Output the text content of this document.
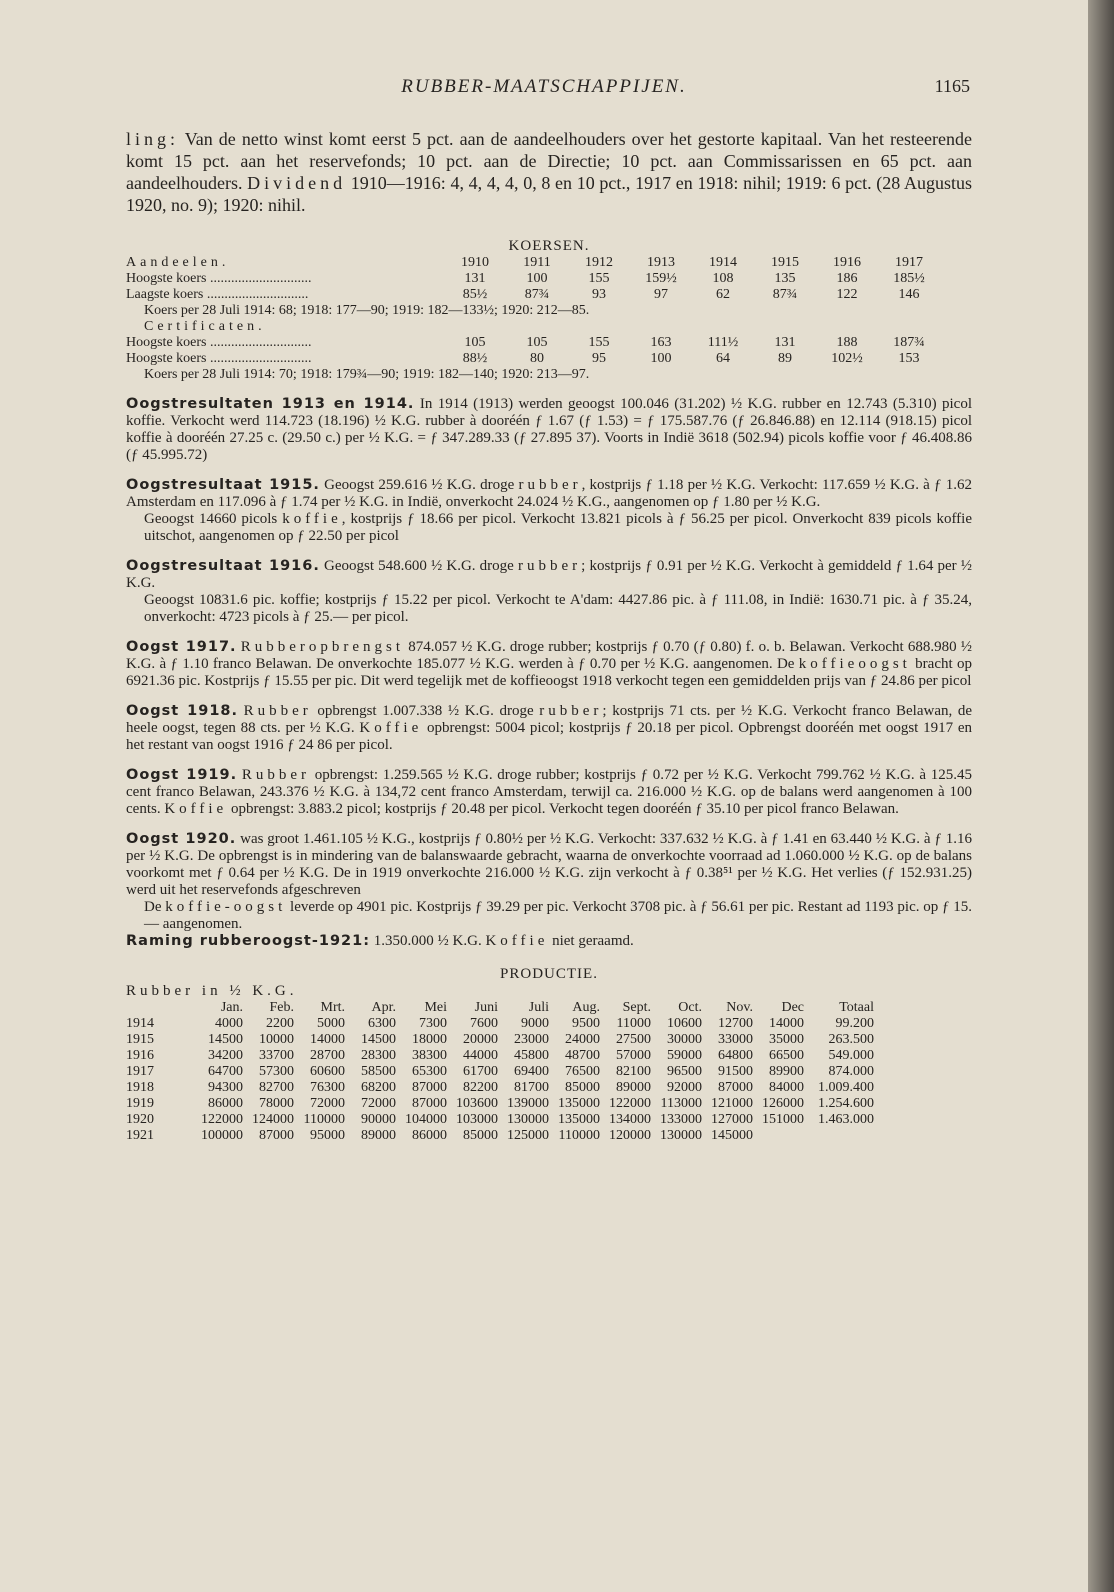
RUBBER-MAATSCHAPPIJEN.	1165

ling: Van de netto winst komt eerst 5 pct. aan de aandeelhouders over het gestorte kapitaal. Van het resteerende komt 15 pct. aan het reservefonds; 10 pct. aan de Directie; 10 pct. aan Commissarissen en 65 pct. aan aandeelhouders. Dividend 1910—1916: 4, 4, 4, 4, 0, 8 en 10 pct., 1917 en 1918: nihil; 1919: 6 pct. (28 Augustus 1920, no. 9); 1920: nihil.

KOERSEN.

Aandeelen.	1910	1911	1912	1913	1914	1915	1916	1917
Hoogste koers .............................	131	100	155	159½	108	135	186	185½
Laagste koers .............................	85½	87¾	93	97	62	87¾	122	146
Koers per 28 Juli 1914: 68; 1918: 177—90; 1919: 182—133½; 1920: 212—85.								
Certificaten.								
Hoogste koers .............................	105	105	155	163	111½	131	188	187¾
Hoogste koers .............................	88½	80	95	100	64	89	102½	153
Koers per 28 Juli 1914: 70; 1918: 179¾—90; 1919: 182—140; 1920: 213—97.								

Oogstresultaten 1913 en 1914. In 1914 (1913) werden geoogst 100.046 (31.202) ½ K.G. rubber en 12.743 (5.310) picol koffie. Verkocht werd 114.723 (18.196) ½ K.G. rubber à dooréén ƒ 1.67 (ƒ 1.53) = ƒ 175.587.76 (ƒ 26.846.88) en 12.114 (918.15) picol koffie à dooréén 27.25 c. (29.50 c.) per ½ K.G. = ƒ 347.289.33 (ƒ 27.895 37). Voorts in Indië 3618 (502.94) picols koffie voor ƒ 46.408.86 (ƒ 45.995.72)

Oogstresultaat 1915. Geoogst 259.616 ½ K.G. droge rubber, kostprijs ƒ 1.18 per ½ K.G. Verkocht: 117.659 ½ K.G. à ƒ 1.62 Amsterdam en 117.096 à ƒ 1.74 per ½ K.G. in Indië, onverkocht 24.024 ½ K.G., aangenomen op ƒ 1.80 per ½ K.G.

Geoogst 14660 picols koffie, kostprijs ƒ 18.66 per picol. Verkocht 13.821 picols à ƒ 56.25 per picol. Onverkocht 839 picols koffie uitschot, aangenomen op ƒ 22.50 per picol

Oogstresultaat 1916. Geoogst 548.600 ½ K.G. droge rubber; kostprijs ƒ 0.91 per ½ K.G. Verkocht à gemiddeld ƒ 1.64 per ½ K.G.

Geoogst 10831.6 pic. koffie; kostprijs ƒ 15.22 per picol. Verkocht te A'dam: 4427.86 pic. à ƒ 111.08, in Indië: 1630.71 pic. à ƒ 35.24, onverkocht: 4723 picols à ƒ 25.— per picol.

Oogst 1917. Rubberopbrengst 874.057 ½ K.G. droge rubber; kostprijs ƒ 0.70 (ƒ 0.80) f. o. b. Belawan. Verkocht 688.980 ½ K.G. à ƒ 1.10 franco Belawan. De onverkochte 185.077 ½ K.G. werden à ƒ 0.70 per ½ K.G. aangenomen. De koffieoogst bracht op 6921.36 pic. Kostprijs ƒ 15.55 per pic. Dit werd tegelijk met de koffieoogst 1918 verkocht tegen een gemiddelden prijs van ƒ 24.86 per picol

Oogst 1918. Rubber opbrengst 1.007.338 ½ K.G. droge rubber; kostprijs 71 cts. per ½ K.G. Verkocht franco Belawan, de heele oogst, tegen 88 cts. per ½ K.G. Koffie opbrengst: 5004 picol; kostprijs ƒ 20.18 per picol. Opbrengst dooréén met oogst 1917 en het restant van oogst 1916 ƒ 24 86 per picol.

Oogst 1919. Rubber opbrengst: 1.259.565 ½ K.G. droge rubber; kostprijs ƒ 0.72 per ½ K.G. Verkocht 799.762 ½ K.G. à 125.45 cent franco Belawan, 243.376 ½ K.G. à 134,72 cent franco Amsterdam, terwijl ca. 216.000 ½ K.G. op de balans werd aangenomen à 100 cents. Koffie opbrengst: 3.883.2 picol; kostprijs ƒ 20.48 per picol. Verkocht tegen dooréén ƒ 35.10 per picol franco Belawan.

Oogst 1920. was groot 1.461.105 ½ K.G., kostprijs ƒ 0.80½ per ½ K.G. Verkocht: 337.632 ½ K.G. à ƒ 1.41 en 63.440 ½ K.G. à ƒ 1.16 per ½ K.G. De opbrengst is in mindering van de balanswaarde gebracht, waarna de onverkochte voorraad ad 1.060.000 ½ K.G. op de balans voorkomt met ƒ 0.64 per ½ K.G. De in 1919 onverkochte 216.000 ½ K.G. zijn verkocht à ƒ 0.38⁵¹ per ½ K.G. Het verlies (ƒ 152.931.25) werd uit het reservefonds afgeschreven

De koffie-oogst leverde op 4901 pic. Kostprijs ƒ 39.29 per pic. Verkocht 3708 pic. à ƒ 56.61 per pic. Restant ad 1193 pic. op ƒ 15.— aangenomen.

Raming rubberoogst-1921: 1.350.000 ½ K.G. Koffie niet geraamd.

PRODUCTIE.

Rubber in ½ K.G.

	Jan.	Feb.	Mrt.	Apr.	Mei	Juni	Juli	Aug.	Sept.	Oct.	Nov.	Dec	Totaal
1914	4000	2200	5000	6300	7300	7600	9000	9500	11000	10600	12700	14000	99.200
1915	14500	10000	14000	14500	18000	20000	23000	24000	27500	30000	33000	35000	263.500
1916	34200	33700	28700	28300	38300	44000	45800	48700	57000	59000	64800	66500	549.000
1917	64700	57300	60600	58500	65300	61700	69400	76500	82100	96500	91500	89900	874.000
1918	94300	82700	76300	68200	87000	82200	81700	85000	89000	92000	87000	84000	1.009.400
1919	86000	78000	72000	72000	87000	103600	139000	135000	122000	113000	121000	126000	1.254.600
1920	122000	124000	110000	90000	104000	103000	130000	135000	134000	133000	127000	151000	1.463.000
1921	100000	87000	95000	89000	86000	85000	125000	110000	120000	130000	145000		
